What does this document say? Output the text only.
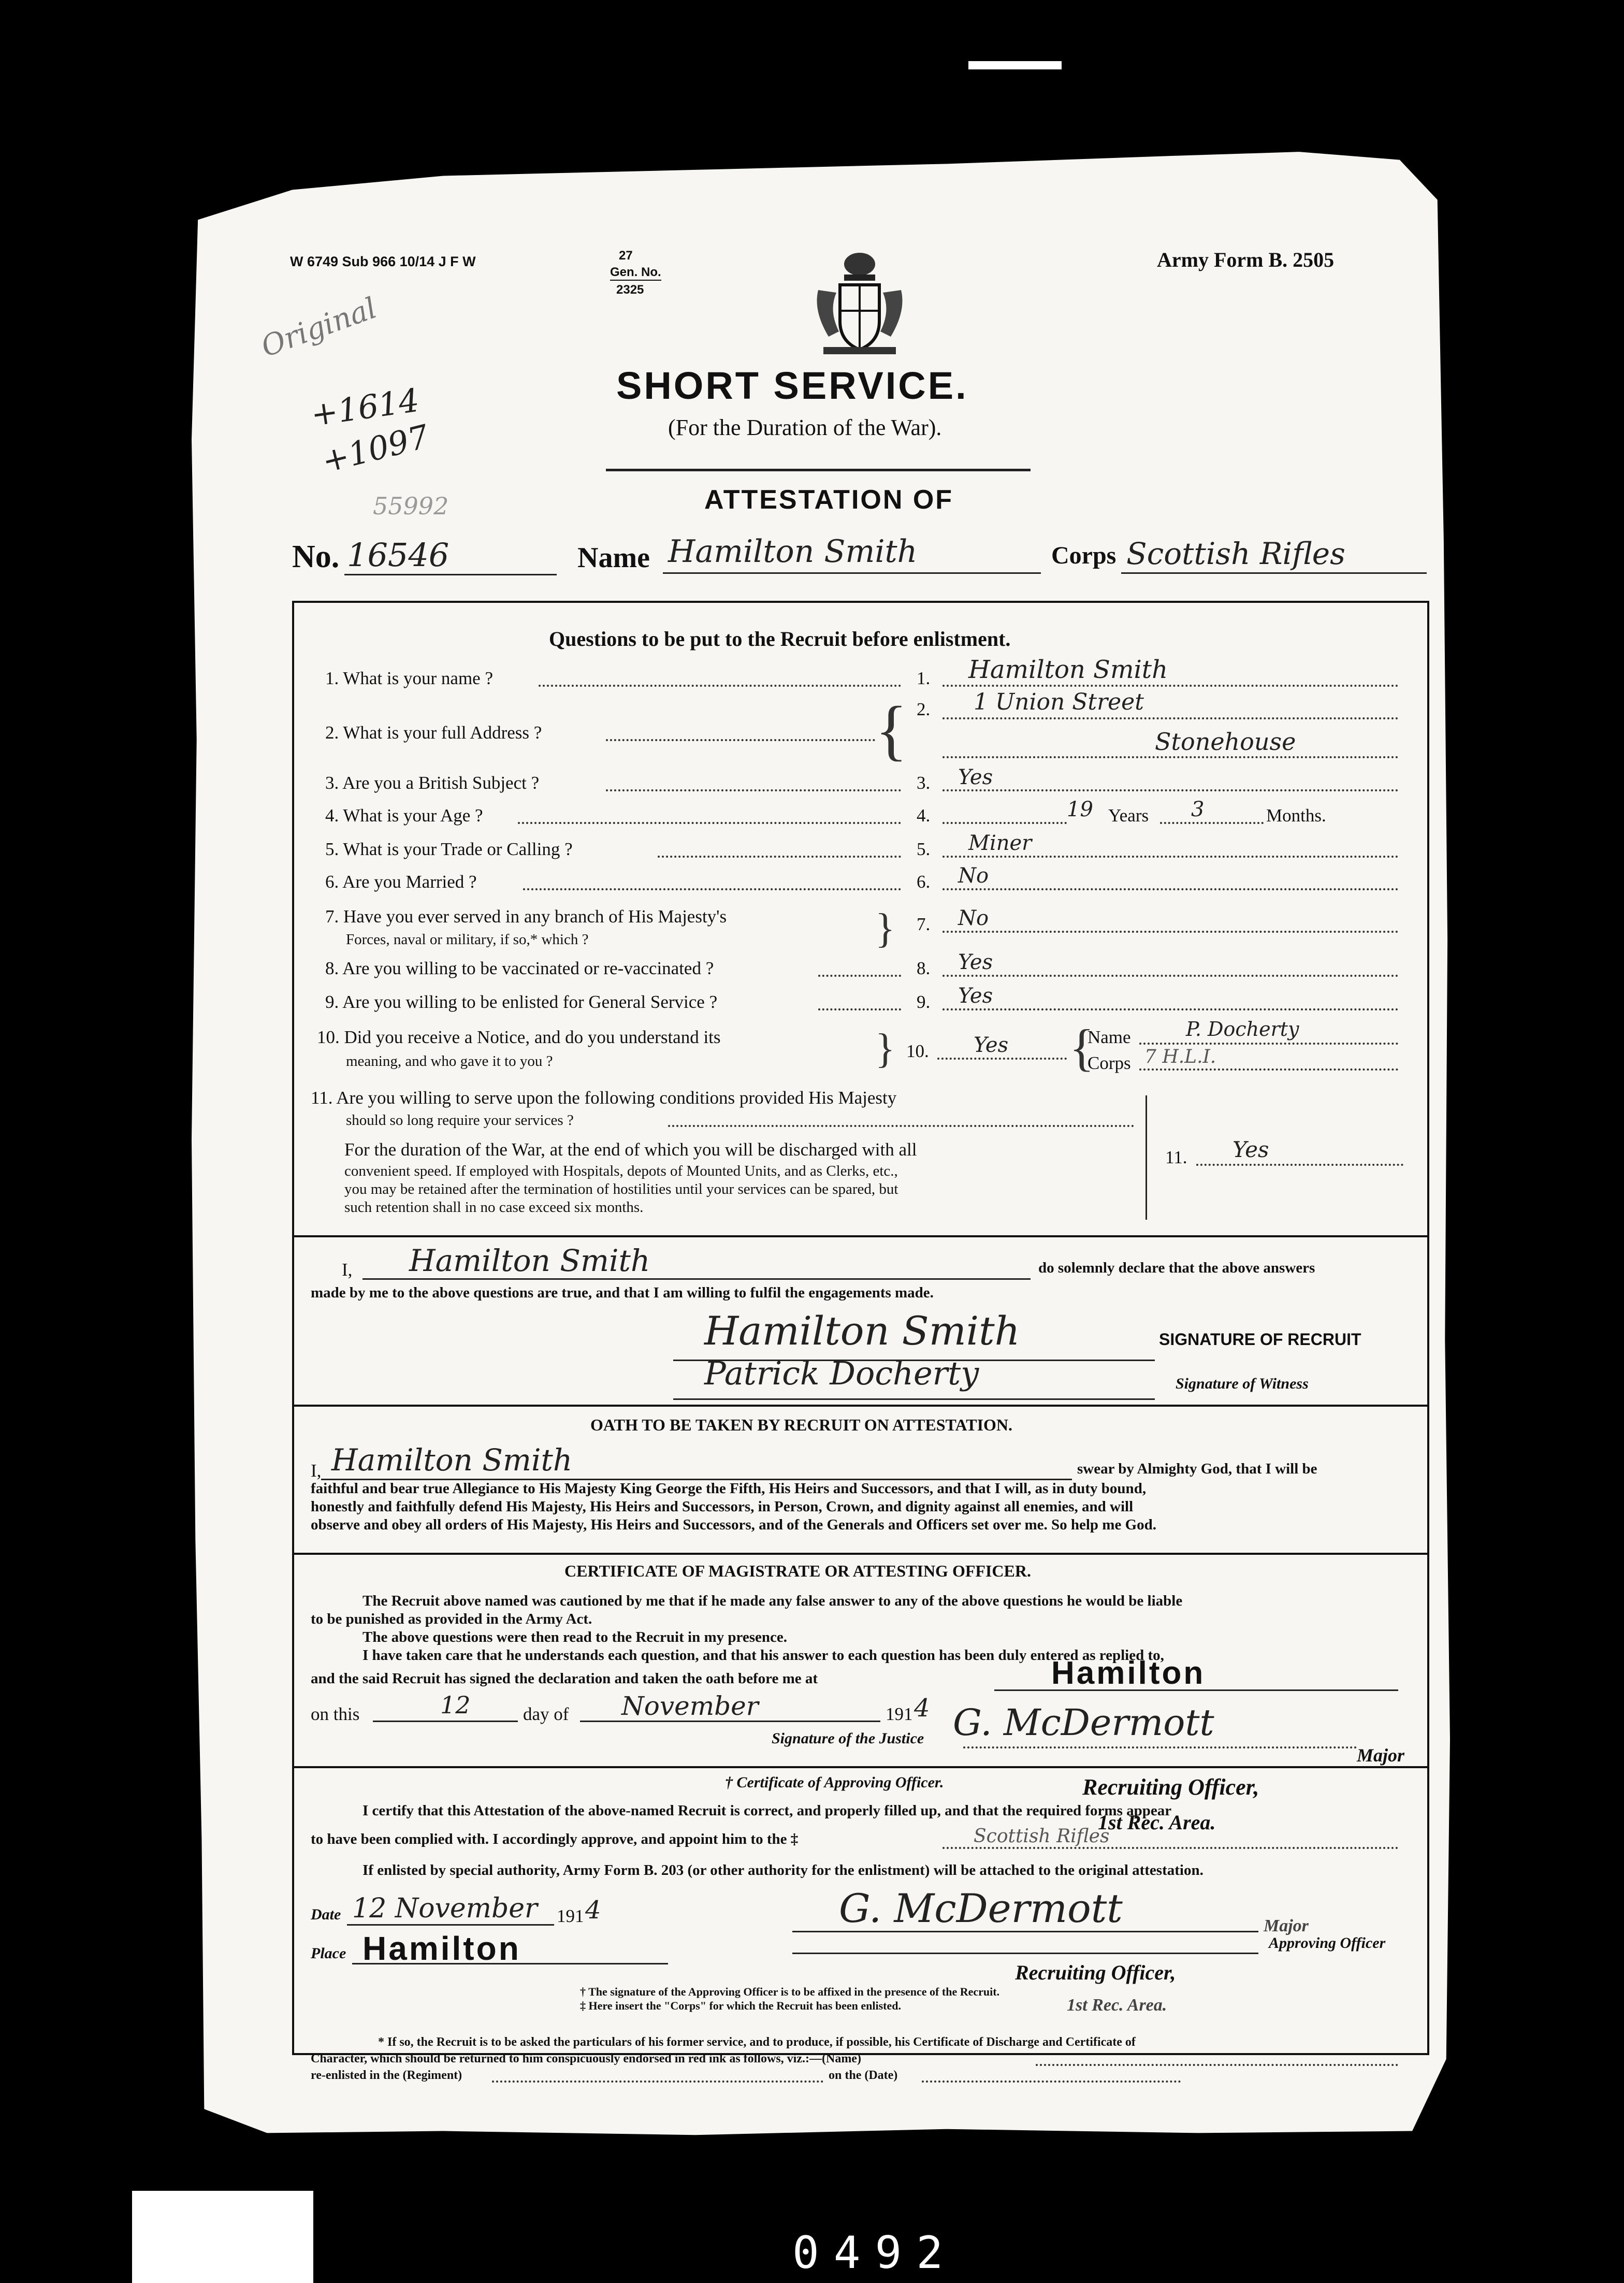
W 6749 Sub 966 10/14 J F W	27
Gen. No.
2325
Army Form B. 2505
Original
+1614
+1097
55992
SHORT SERVICE.
(For the Duration of the War).
ATTESTATION OF
No. 16546	Name Hamilton Smith	Corps Scottish Rifles
Questions to be put to the Recruit before enlistment.
1. What is your name ?	1. Hamilton Smith
2. What is your full Address ?	{ 2. 1 Union Street
Stonehouse
3. Are you a British Subject ?	3. Yes
4. What is your Age ?	4.	19 Years 3	Months.
5. What is your Trade or Calling ?	5. Miner
6. Are you Married ?	6. No
7. Have you ever served in any branch of His Majesty's
Forces, naval or military, if so,* which ?	} 7. No
8. Are you willing to be vaccinated or re-vaccinated ?	8. Yes
9. Are you willing to be enlisted for General Service ?	9. Yes
10. Did you receive a Notice, and do you understand its
meaning, and who gave it to you ?	} 10. Yes {
Name	P. Docherty
Corps 7 H.L.I.
11. Are you willing to serve upon the following conditions provided His Majesty
should so long require your services ?
For the duration of the War, at the end of which you will be discharged with all
convenient speed. If employed with Hospitals, depots of Mounted Units, and as Clerks, etc.,
you may be retained after the termination of hostilities until your services can be spared, but
such retention shall in no case exceed six months.
11. Yes
I, Hamilton Smith	do solemnly declare that the above answers
made by me to the above questions are true, and that I am willing to fulfil the engagements made.
Hamilton Smith	SIGNATURE OF RECRUIT
Patrick Docherty	Signature of Witness
OATH TO BE TAKEN BY RECRUIT ON ATTESTATION.
I, Hamilton Smith	swear by Almighty God, that I will be
faithful and bear true Allegiance to His Majesty King George the Fifth, His Heirs and Successors, and that I will, as in duty bound,
honestly and faithfully defend His Majesty, His Heirs and Successors, in Person, Crown, and dignity against all enemies, and will
observe and obey all orders of His Majesty, His Heirs and Successors, and of the Generals and Officers set over me. So help me God.
CERTIFICATE OF MAGISTRATE OR ATTESTING OFFICER.
The Recruit above named was cautioned by me that if he made any false answer to any of the above questions he would be liable
to be punished as provided in the Army Act.
The above questions were then read to the Recruit in my presence.
I have taken care that he understands each question, and that his answer to each question has been duly entered as replied to,
and the said Recruit has signed the declaration and taken the oath before me at	Hamilton
on this	12	day of November	191 4
Signature of the Justice G. McDermott
Major
† Certificate of Approving Officer.	Recruiting Officer,
I certify that this Attestation of the above-named Recruit is correct, and properly filled up, and that the required forms appear
1st Rec. Area.
to have been complied with. I accordingly approve, and appoint him to the ‡	Scottish Rifles
If enlisted by special authority, Army Form B. 203 (or other authority for the enlistment) will be attached to the original attestation.
Date 12 November 191 4
Place Hamilton
G. McDermott
Approving Officer
Major
Recruiting Officer,
† The signature of the Approving Officer is to be affixed in the presence of the Recruit.
‡ Here insert the "Corps" for which the Recruit has been enlisted.	1st Rec. Area.
* If so, the Recruit is to be asked the particulars of his former service, and to produce, if possible, his Certificate of Discharge and Certificate of
Character, which should be returned to him conspicuously endorsed in red ink as follows, viz.:—(Name)
re-enlisted in the (Regiment)	on the (Date)
0492
